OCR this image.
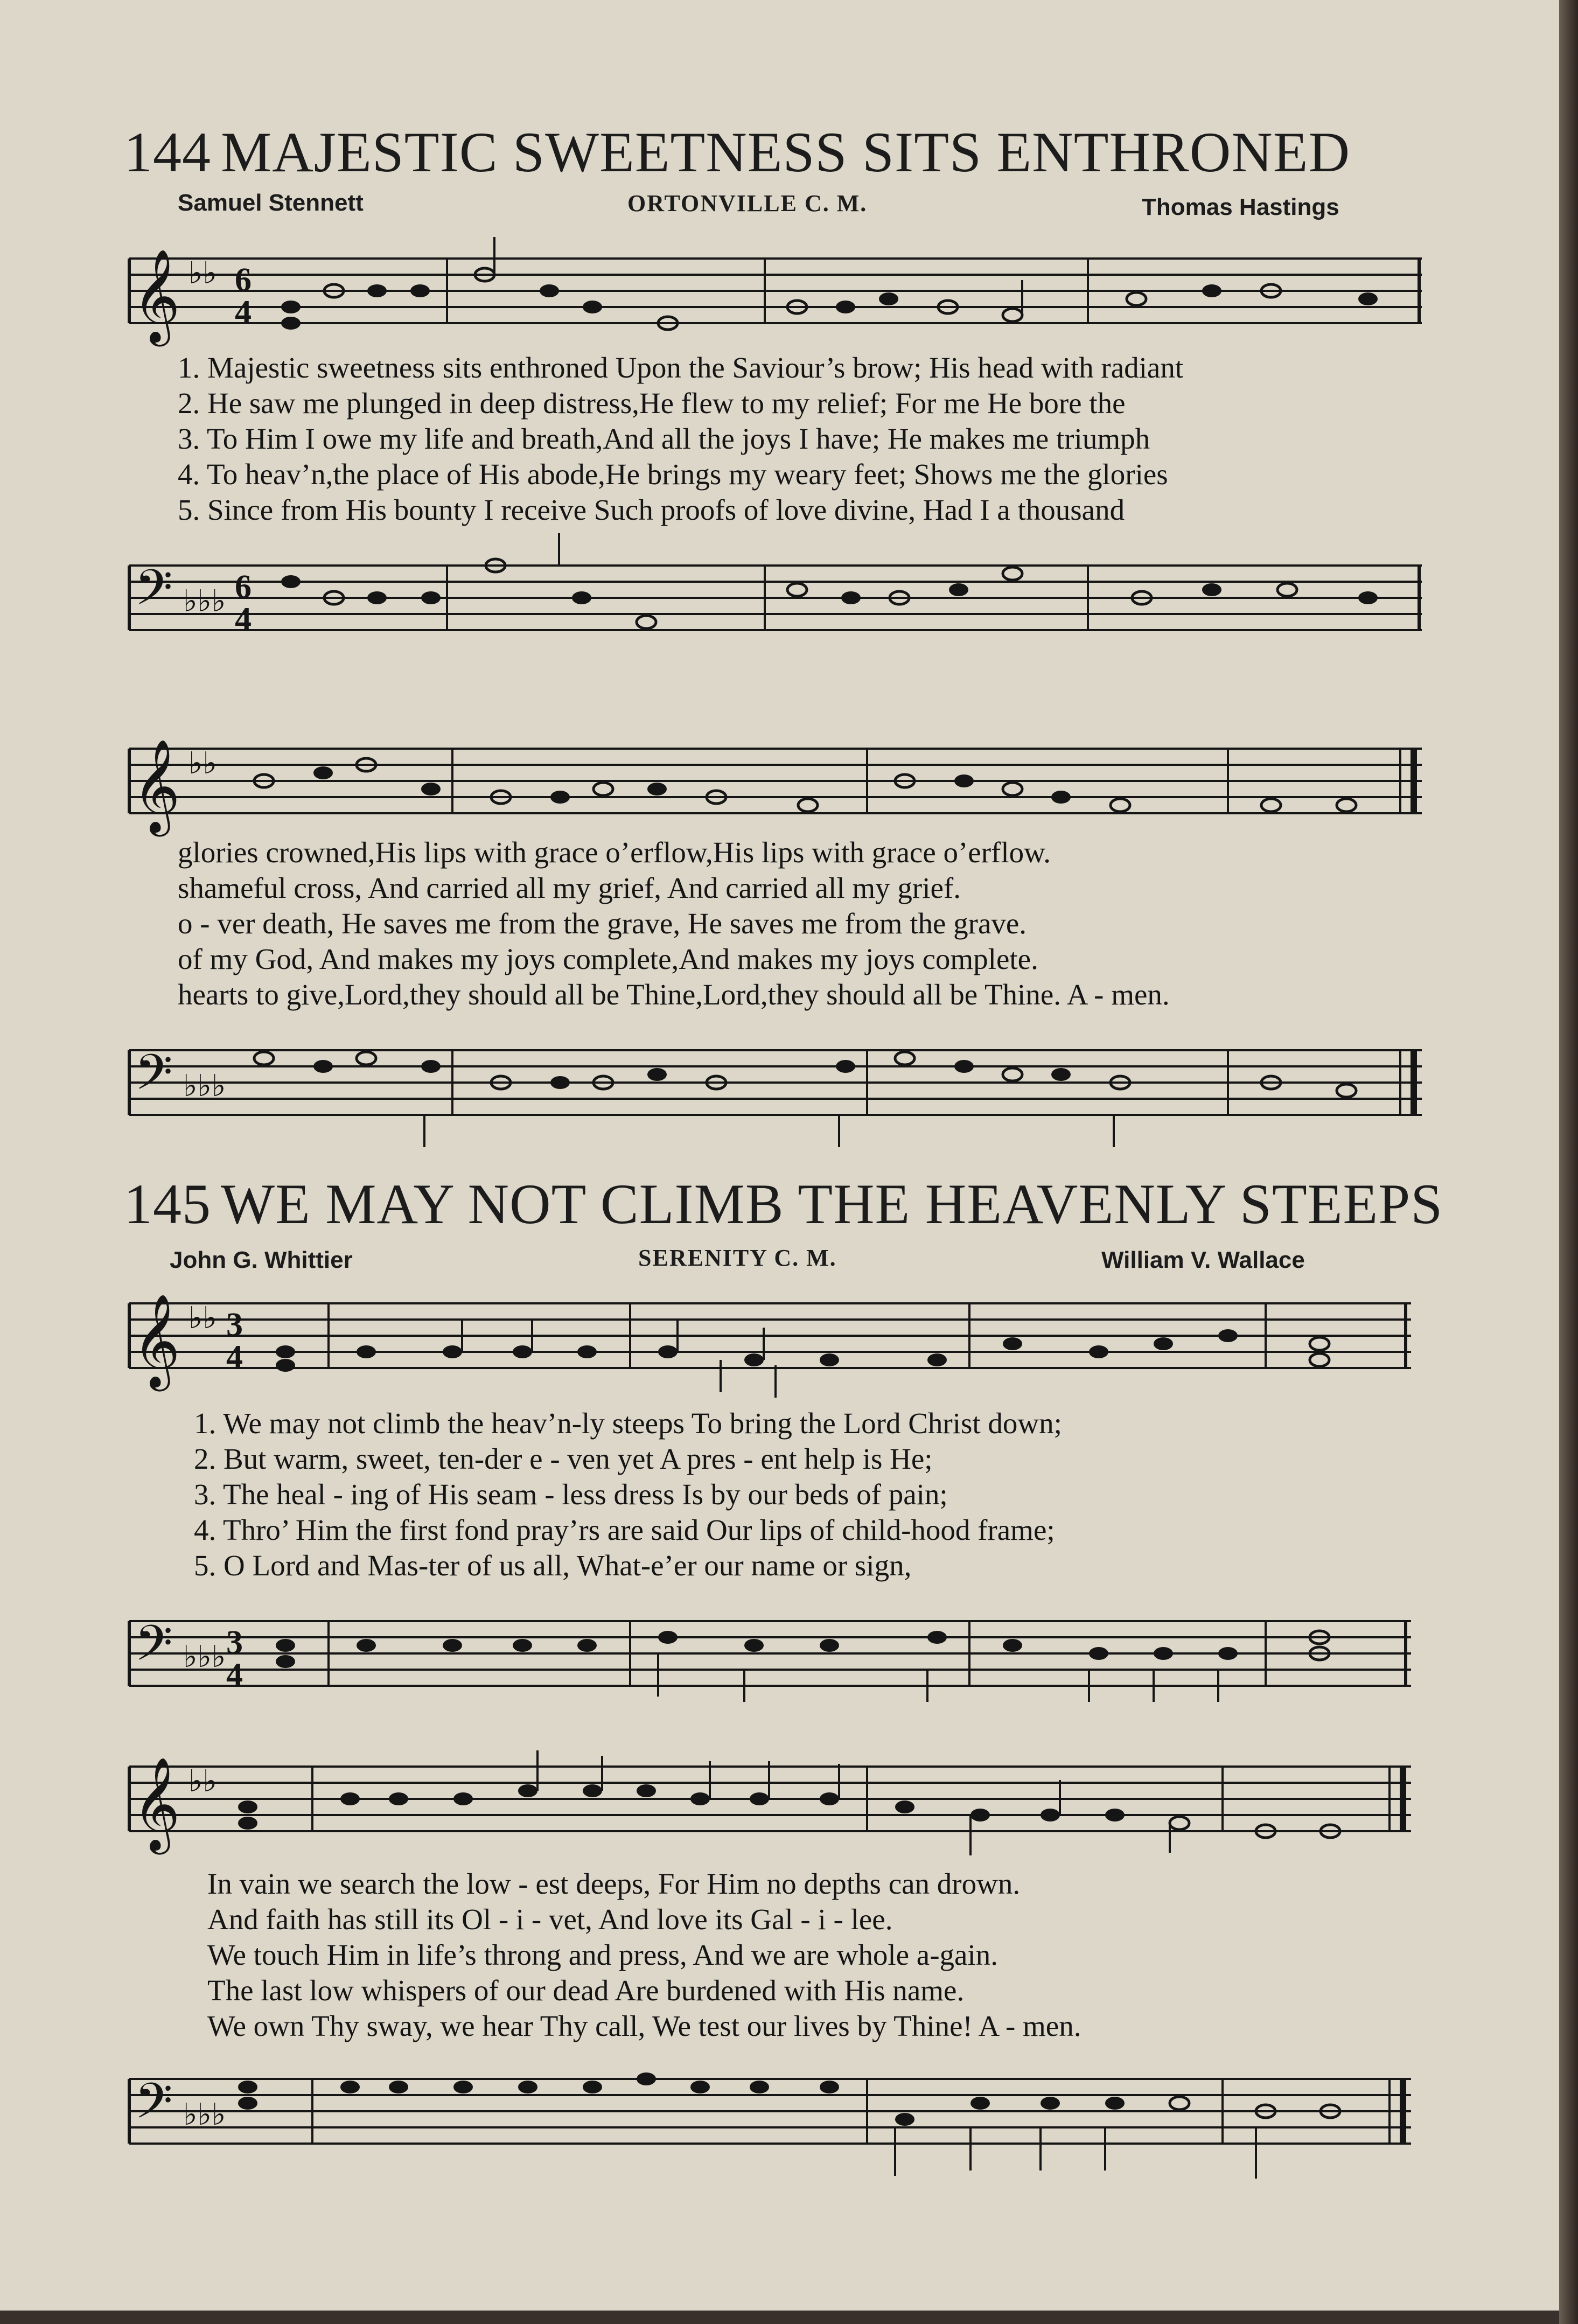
144 MAJESTIC SWEETNESS SITS ENTHRONED
Samuel Stennett	ORTONVILLE C. M.	Thomas Hastings
𝄞 ♭♭ 6
4
1. Majestic sweetness sits enthroned Upon the Saviour’s brow; His head with radiant
2. He saw me plunged in deep distress,He flew to my relief; For me He bore the
3. To Him I owe my life and breath,And all the joys I have; He makes me triumph
4. To heav’n,the place of His abode,He brings my weary feet; Shows me the glories
5. Since from His bounty I receive Such proofs of love divine, Had I a thousand
𝄢 ♭♭♭ 6
4
𝄞 ♭♭
glories crowned,His lips with grace o’erflow,His lips with grace o’erflow.
shameful cross, And carried all my grief, And carried all my grief.
o - ver death, He saves me from the grave, He saves me from the grave.
of my God, And makes my joys complete,And makes my joys complete.
hearts to give,Lord,they should all be Thine,Lord,they should all be Thine. A - men.
𝄢 ♭♭♭
145 WE MAY NOT CLIMB THE HEAVENLY STEEPS
John G. Whittier	SERENITY C. M.	William V. Wallace
𝄞 ♭♭ 3
4
1. We may not climb the heav’n-ly steeps To bring the Lord Christ down;
2. But warm, sweet, ten-der e - ven yet A pres - ent help is He;
3. The heal - ing of His seam - less dress Is by our beds of pain;
4. Thro’ Him the first fond pray’rs are said Our lips of child-hood frame;
5. O Lord and Mas-ter of us all, What-e’er our name or sign,
𝄢 ♭♭♭ 3
4
𝄞 ♭♭
In vain we search the low - est deeps, For Him no depths can drown.
And faith has still its Ol - i - vet, And love its Gal - i - lee.
We touch Him in life’s throng and press, And we are whole a-gain.
The last low whispers of our dead Are burdened with His name.
We own Thy sway, we hear Thy call, We test our lives by Thine! A - men.
𝄢 ♭♭♭
